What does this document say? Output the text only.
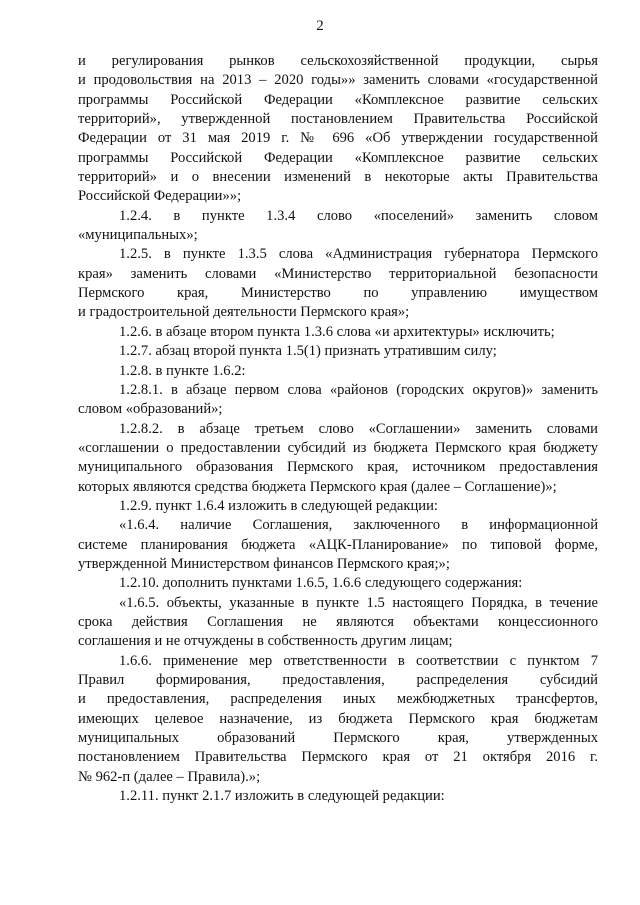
2
и регулирования рынков сельскохозяйственной продукции, сырья
и продовольствия на 2013 – 2020 годы»» заменить словами «государственной
программы Российской Федерации «Комплексное развитие сельских
территорий», утвержденной постановлением Правительства Российской
Федерации от 31 мая 2019 г. № 696 «Об утверждении государственной
программы Российской Федерации «Комплексное развитие сельских
территорий» и о внесении изменений в некоторые акты Правительства
Российской Федерации»»;
1.2.4. в пункте 1.3.4 слово «поселений» заменить словом
«муниципальных»;
1.2.5. в пункте 1.3.5 слова «Администрация губернатора Пермского
края» заменить словами «Министерство территориальной безопасности
Пермского края, Министерство по управлению имуществом
и градостроительной деятельности Пермского края»;
1.2.6. в абзаце втором пункта 1.3.6 слова «и архитектуры» исключить;
1.2.7. абзац второй пункта 1.5(1) признать утратившим силу;
1.2.8. в пункте 1.6.2:
1.2.8.1. в абзаце первом слова «районов (городских округов)» заменить
словом «образований»;
1.2.8.2. в абзаце третьем слово «Соглашении» заменить словами
«соглашении о предоставлении субсидий из бюджета Пермского края бюджету
муниципального образования Пермского края, источником предоставления
которых являются средства бюджета Пермского края (далее – Соглашение)»;
1.2.9. пункт 1.6.4 изложить в следующей редакции:
«1.6.4. наличие Соглашения, заключенного в информационной
системе планирования бюджета «АЦК-Планирование» по типовой форме,
утвержденной Министерством финансов Пермского края;»;
1.2.10. дополнить пунктами 1.6.5, 1.6.6 следующего содержания:
«1.6.5. объекты, указанные в пункте 1.5 настоящего Порядка, в течение
срока действия Соглашения не являются объектами концессионного
соглашения и не отчуждены в собственность другим лицам;
1.6.6. применение мер ответственности в соответствии с пунктом 7
Правил формирования, предоставления, распределения субсидий
и предоставления, распределения иных межбюджетных трансфертов,
имеющих целевое назначение, из бюджета Пермского края бюджетам
муниципальных образований Пермского края, утвержденных
постановлением Правительства Пермского края от 21 октября 2016 г.
№ 962-п (далее – Правила).»;
1.2.11. пункт 2.1.7 изложить в следующей редакции:
